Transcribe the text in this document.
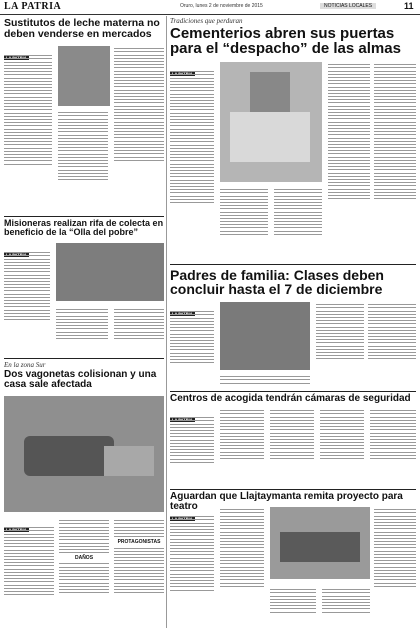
LA PATRIA	Oruro, lunes 2 de noviembre de 2015	NOTICIAS LOCALES	11
Sustitutos de leche materna no deben venderse en mercados
Misioneras realizan rifa de colecta en beneficio de la “Olla del pobre”
En la zona Sur
Dos vagonetas colisionan y una casa sale afectada
DAÑOS
PROTAGONISTAS
Tradiciones que perduran
Cementerios abren sus puertas para el “despacho” de las almas
Padres de familia: Clases deben concluir hasta el 7 de diciembre
Centros de acogida tendrán cámaras de seguridad
Aguardan que Llajtaymanta remita proyecto para teatro
